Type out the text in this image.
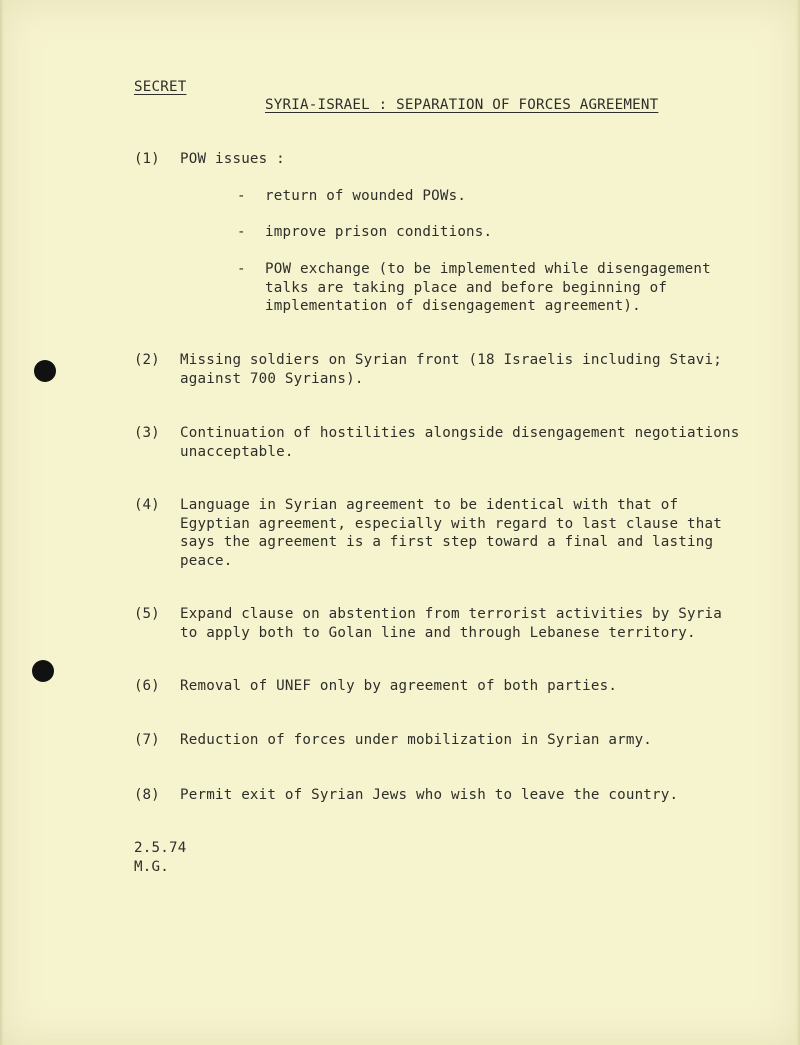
SECRET
SYRIA-ISRAEL : SEPARATION OF FORCES AGREEMENT
(1) POW issues :
- return of wounded POWs.
- improve prison conditions.
- POW exchange (to be implemented while disengagement
talks are taking place and before beginning of
implementation of disengagement agreement).
(2) Missing soldiers on Syrian front (18 Israelis including Stavi;
against 700 Syrians).
(3) Continuation of hostilities alongside disengagement negotiations
unacceptable.
(4) Language in Syrian agreement to be identical with that of
Egyptian agreement, especially with regard to last clause that
says the agreement is a first step toward a final and lasting
peace.
(5) Expand clause on abstention from terrorist activities by Syria
to apply both to Golan line and through Lebanese territory.
(6) Removal of UNEF only by agreement of both parties.
(7) Reduction of forces under mobilization in Syrian army.
(8) Permit exit of Syrian Jews who wish to leave the country.
2.5.74
M.G.
